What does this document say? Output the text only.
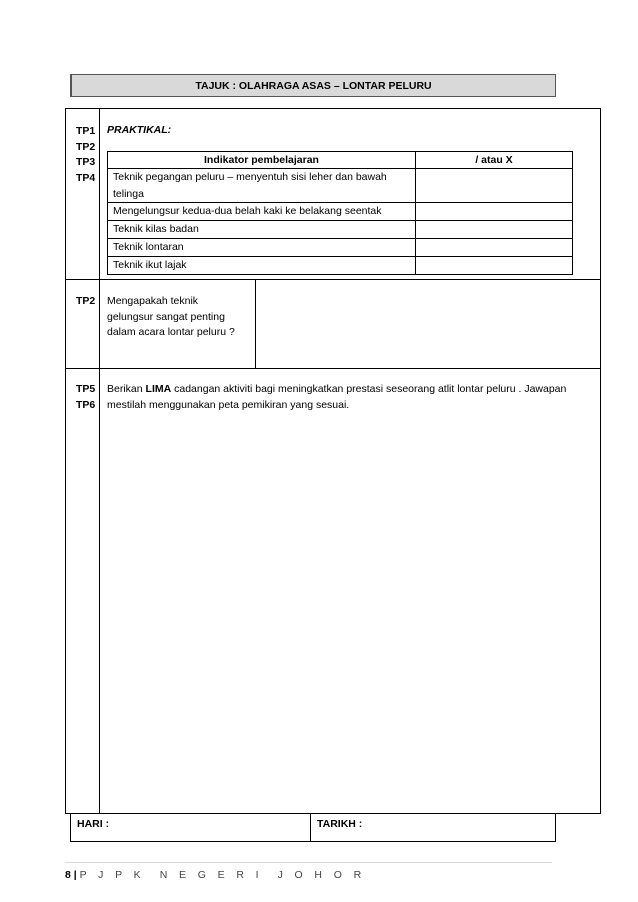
TAJUK : OLAHRAGA ASAS – LONTAR PELURU
TP1
TP2
TP3
TP4
PRAKTIKAL:
Indikator pembelajaran	/ atau X

Teknik pegangan peluru – menyentuh sisi leher dan bawah
telinga	

Mengelungsur kedua-dua belah kaki ke belakang seentak	
Teknik kilas badan	
Teknik lontaran	
Teknik ikut lajak	
TP2 Mengapakah teknik
gelungsur sangat penting
dalam acara lontar peluru ?
TP5
TP6
Berikan LIMA cadangan aktiviti bagi meningkatkan prestasi seseorang atlit lontar peluru . Jawapan
mestilah menggunakan peta pemikiran yang sesuai.
HARI :	TARIKH :
8 | P J P K  N E G E R I  J O H O R
